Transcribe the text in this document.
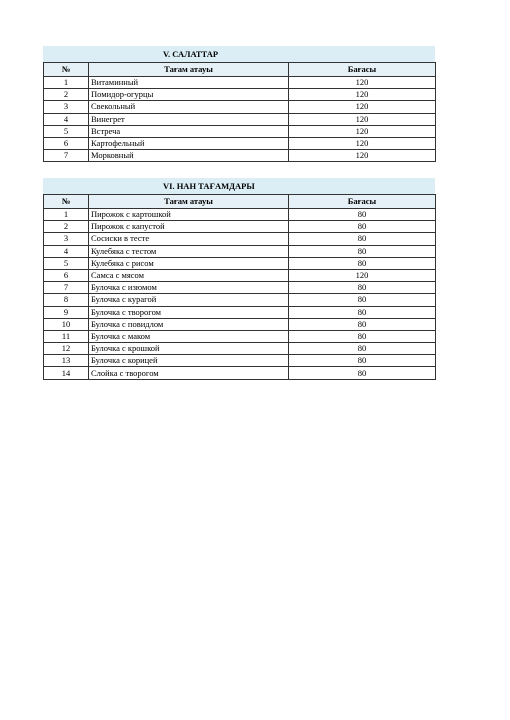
V. САЛАТТАР
№	Тағам атауы	Бағасы
1	Витаминный	120
2	Помидор-огурцы	120
3	Свекольный	120
4	Винегрет	120
5	Встреча	120
6	Картофельный	120
7	Морковный	120
VI. НАН ТАҒАМДАРЫ
№	Тағам атауы	Бағасы
1	Пирожок с картошкой	80
2	Пирожок с капустой	80
3	Сосиски в тесте	80
4	Кулебяка с тестом	80
5	Кулебяка с рисом	80
6	Самса с мясом	120
7	Булочка с изюмом	80
8	Булочка с курагой	80
9	Булочка с творогом	80
10	Булочка с повидлом	80
11	Булочка с маком	80
12	Булочка с крошкой	80
13	Булочка с корицей	80
14	Слойка с творогом	80
